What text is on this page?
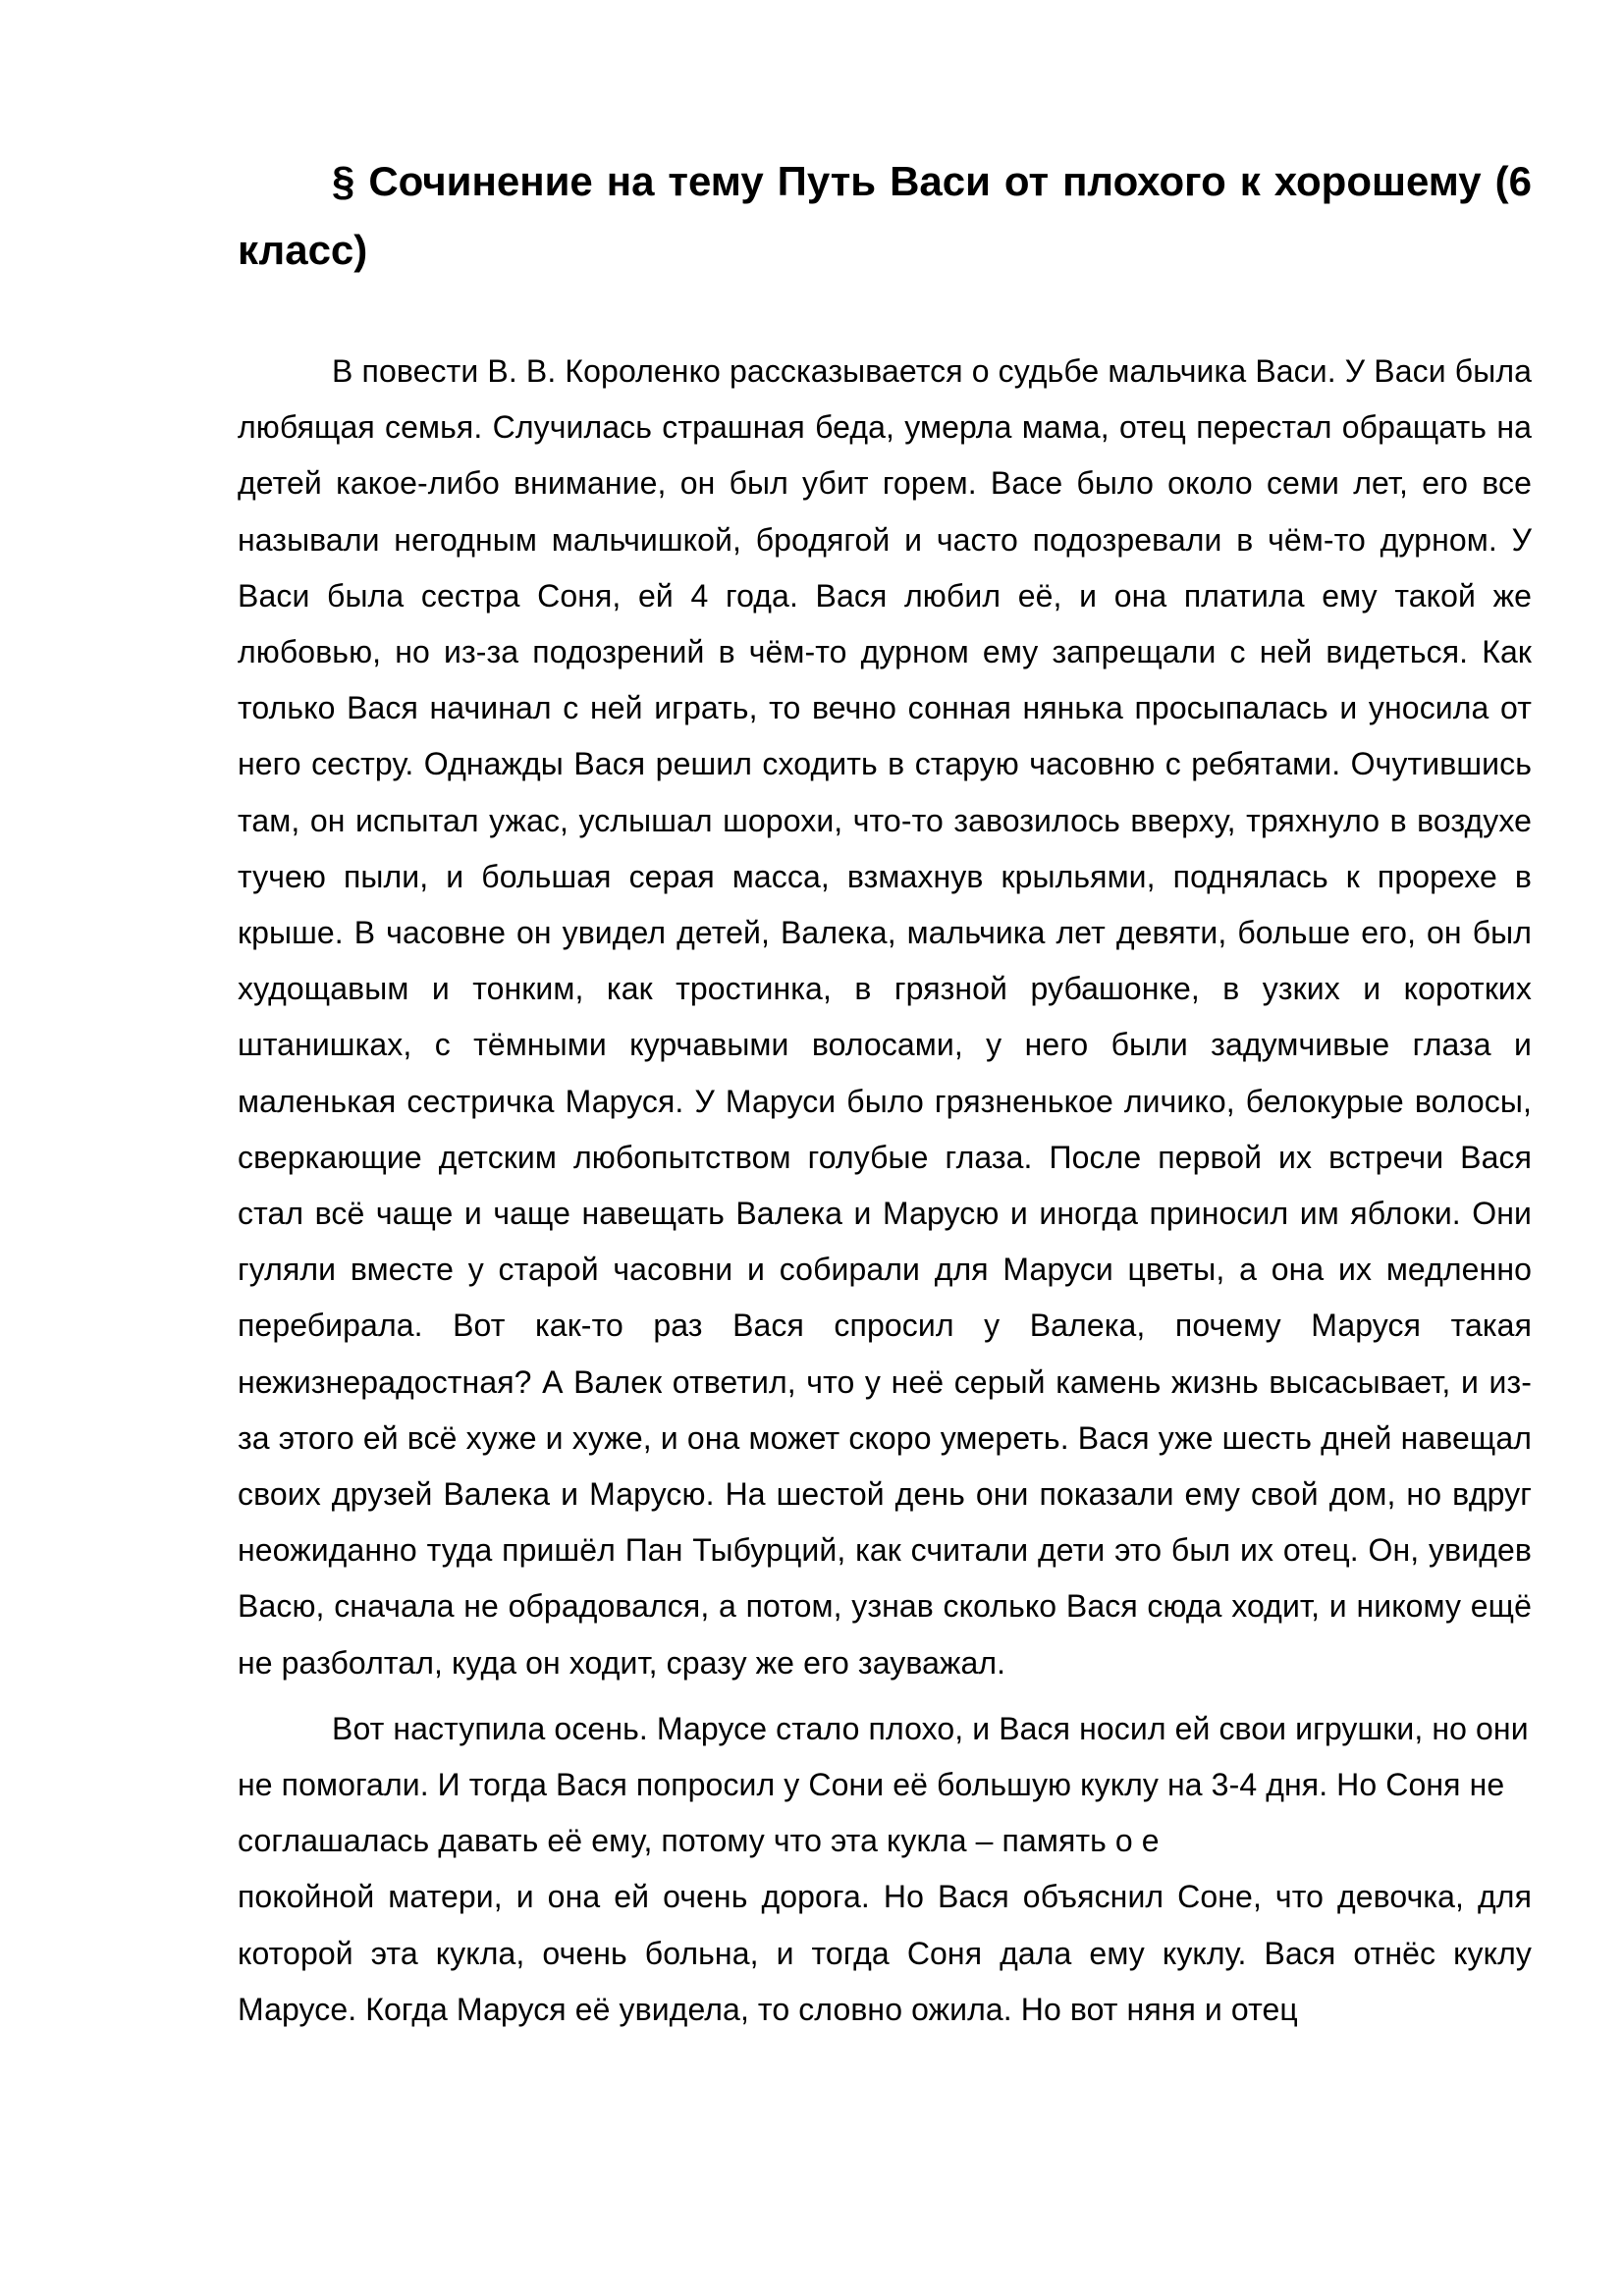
§ Сочинение на тему Путь Васи от плохого к хорошему (6 класс)

В повести В. В. Короленко рассказывается о судьбе мальчика Васи. У Васи была любящая семья. Случилась страшная беда, умерла мама, отец перестал обращать на детей какое-либо внимание, он был убит горем. Васе было около семи лет, его все называли негодным мальчишкой, бродягой и часто подозревали в чём-то дурном. У Васи была сестра Соня, ей 4 года. Вася любил её, и она платила ему такой же любовью, но из-за подозрений в чём-то дурном ему запрещали с ней видеться. Как только Вася начинал с ней играть, то вечно сонная нянька просыпалась и уносила от него сестру. Однажды Вася решил сходить в старую часовню с ребятами. Очутившись там, он испытал ужас, услышал шорохи, что-то завозилось вверху, тряхнуло в воздухе тучею пыли, и большая серая масса, взмахнув крыльями, поднялась к прорехе в крыше. В часовне он увидел детей, Валека, мальчика лет девяти, больше его, он был худощавым и тонким, как тростинка, в грязной рубашонке, в узких и коротких штанишках, с тёмными курчавыми волосами, у него были задумчивые глаза и маленькая сестричка Маруся. У Маруси было грязненькое личико, белокурые волосы, сверкающие детским любопытством голубые глаза. После первой их встречи Вася стал всё чаще и чаще навещать Валека и Марусю и иногда приносил им яблоки. Они гуляли вместе у старой часовни и собирали для Маруси цветы, а она их медленно перебирала. Вот как-то раз Вася спросил у Валека, почему Маруся такая нежизнерадостная? А Валек ответил, что у неё серый камень жизнь высасывает, и из-за этого ей всё хуже и хуже, и она может скоро умереть. Вася уже шесть дней навещал своих друзей Валека и Марусю. На шестой день они показали ему свой дом, но вдруг неожиданно туда пришёл Пан Тыбурций, как считали дети это был их отец. Он, увидев Васю, сначала не обрадовался, а потом, узнав сколько Вася сюда ходит, и никому ещё не разболтал, куда он ходит, сразу же его зауважал.

Вот наступила осень. Марусе стало плохо, и Вася носил ей свои игрушки, но они не помогали. И тогда Вася попросил у Сони её большую куклу на 3-4 дня. Но Соня не соглашалась давать её ему, потому что эта кукла – память о е
покойной матери, и она ей очень дорога. Но Вася объяснил Соне, что девочка, для которой эта кукла, очень больна, и тогда Соня дала ему куклу. Вася отнёс куклу Марусе. Когда Маруся её увидела, то словно ожила. Но вот няня и отец
